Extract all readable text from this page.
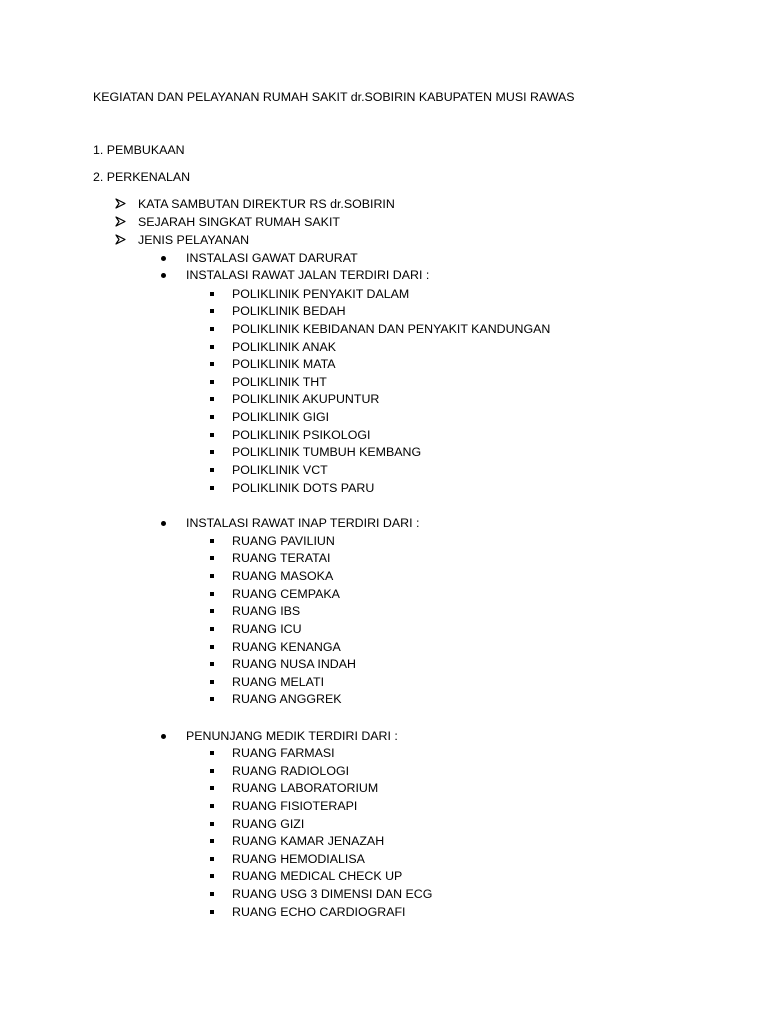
KEGIATAN DAN PELAYANAN RUMAH SAKIT dr.SOBIRIN KABUPATEN MUSI RAWAS
1. PEMBUKAAN
2. PERKENALAN
KATA SAMBUTAN DIREKTUR RS dr.SOBIRIN
SEJARAH SINGKAT RUMAH SAKIT
JENIS PELAYANAN
INSTALASI GAWAT DARURAT
INSTALASI RAWAT JALAN TERDIRI DARI :
POLIKLINIK PENYAKIT DALAM
POLIKLINIK BEDAH
POLIKLINIK KEBIDANAN DAN PENYAKIT KANDUNGAN
POLIKLINIK ANAK
POLIKLINIK MATA
POLIKLINIK THT
POLIKLINIK AKUPUNTUR
POLIKLINIK GIGI
POLIKLINIK PSIKOLOGI
POLIKLINIK TUMBUH KEMBANG
POLIKLINIK VCT
POLIKLINIK DOTS PARU
INSTALASI RAWAT INAP TERDIRI DARI :
RUANG PAVILIUN
RUANG TERATAI
RUANG MASOKA
RUANG CEMPAKA
RUANG IBS
RUANG ICU
RUANG KENANGA
RUANG NUSA INDAH
RUANG MELATI
RUANG ANGGREK
PENUNJANG MEDIK TERDIRI DARI :
RUANG FARMASI
RUANG RADIOLOGI
RUANG LABORATORIUM
RUANG FISIOTERAPI
RUANG GIZI
RUANG KAMAR JENAZAH
RUANG HEMODIALISA
RUANG MEDICAL CHECK UP
RUANG USG 3 DIMENSI DAN ECG
RUANG ECHO CARDIOGRAFI
